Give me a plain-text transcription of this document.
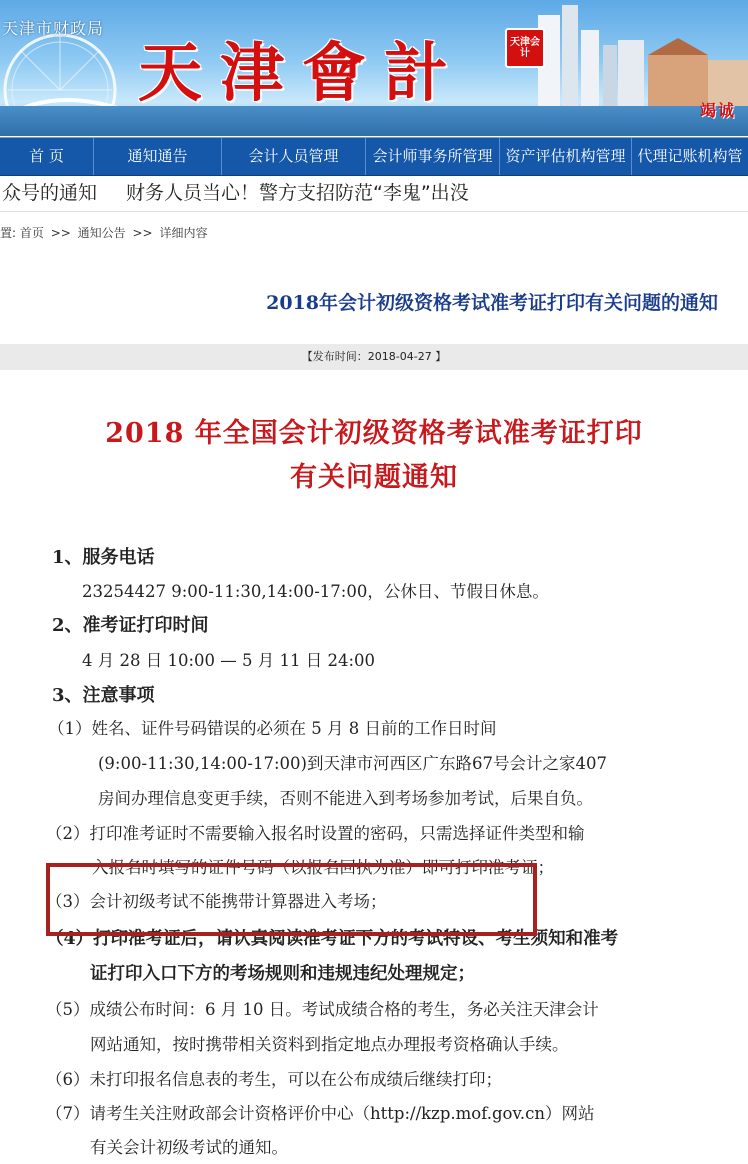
天津市财政局
天津會計	天津会计
竭诚
首 页	通知通告	会计人员管理	会计师事务所管理 资产评估机构管理 代理记账机构管
众号的通知 财务人员当心！警方支招防范“李鬼”出没
置: 首页 >> 通知公告 >> 详细内容
2018年会计初级资格考试准考证打印有关问题的通知
【发布时间：2018-04-27 】
2018 年全国会计初级资格考试准考证打印
有关问题通知
1、服务电话
23254427 9:00-11:30,14:00-17:00，公休日、节假日休息。
2、准考证打印时间
4 月 28 日 10:00 — 5 月 11 日 24:00
3、注意事项
（1）姓名、证件号码错误的必须在 5 月 8 日前的工作日时间
(9:00-11:30,14:00-17:00)到天津市河西区广东路67号会计之家407
房间办理信息变更手续，否则不能进入到考场参加考试，后果自负。
（2）打印准考证时不需要输入报名时设置的密码，只需选择证件类型和输
入报名时填写的证件号码（以报名回执为准）即可打印准考证；
（3）会计初级考试不能携带计算器进入考场；
（4）打印准考证后，请认真阅读准考证下方的考试特设、考生须知和准考
证打印入口下方的考场规则和违规违纪处理规定；
（5）成绩公布时间：6 月 10 日。考试成绩合格的考生，务必关注天津会计
网站通知，按时携带相关资料到指定地点办理报考资格确认手续。
（6）未打印报名信息表的考生，可以在公布成绩后继续打印；
（7）请考生关注财政部会计资格评价中心（http://kzp.mof.gov.cn）网站
有关会计初级考试的通知。
